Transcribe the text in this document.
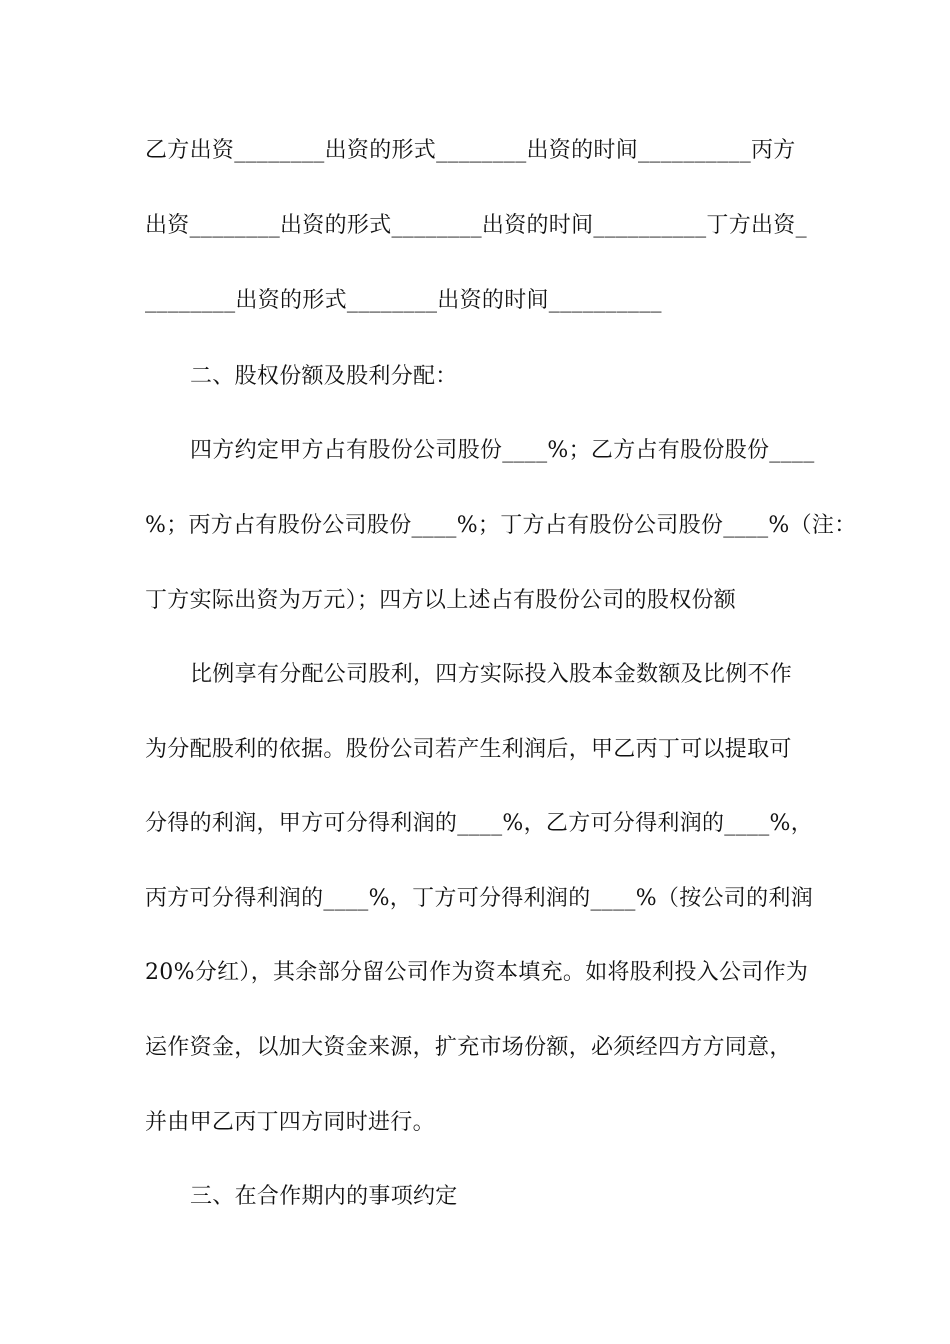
乙方出资________出资的形式________出资的时间__________丙方
出资________出资的形式________出资的时间__________丁方出资_
________出资的形式________出资的时间__________
二、股权份额及股利分配：
四方约定甲方占有股份公司股份____%；乙方占有股份股份____
%；丙方占有股份公司股份____%；丁方占有股份公司股份____%（注：
丁方实际出资为万元）；四方以上述占有股份公司的股权份额
比例享有分配公司股利，四方实际投入股本金数额及比例不作
为分配股利的依据。股份公司若产生利润后，甲乙丙丁可以提取可
分得的利润，甲方可分得利润的____%，乙方可分得利润的____%，
丙方可分得利润的____%，丁方可分得利润的____%（按公司的利润
20%分红），其余部分留公司作为资本填充。如将股利投入公司作为
运作资金，以加大资金来源，扩充市场份额，必须经四方方同意，
并由甲乙丙丁四方同时进行。
三、在合作期内的事项约定
